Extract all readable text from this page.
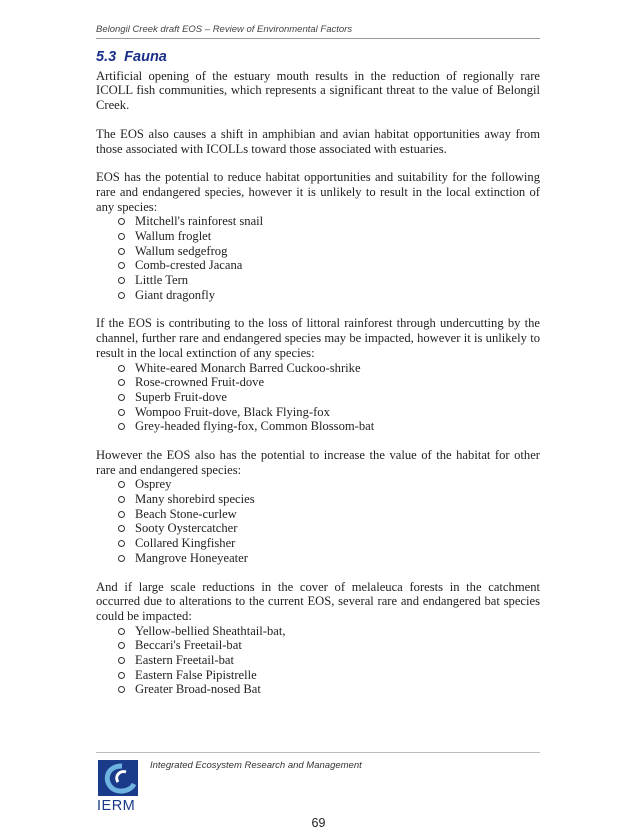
Belongil Creek draft EOS – Review of Environmental Factors
5.3 Fauna

Artificial opening of the estuary mouth results in the reduction of regionally rare ICOLL fish communities, which represents a significant threat to the value of Belongil Creek.

The EOS also causes a shift in amphibian and avian habitat opportunities away from those associated with ICOLLs toward those associated with estuaries.

EOS has the potential to reduce habitat opportunities and suitability for the following rare and endangered species, however it is unlikely to result in the local extinction of any species:

Mitchell's rainforest snail
Wallum froglet
Wallum sedgefrog
Comb-crested Jacana
Little Tern
Giant dragonfly

If the EOS is contributing to the loss of littoral rainforest through undercutting by the channel, further rare and endangered species may be impacted, however it is unlikely to result in the local extinction of any species:

White-eared Monarch Barred Cuckoo-shrike
Rose-crowned Fruit-dove
Superb Fruit-dove
Wompoo Fruit-dove, Black Flying-fox
Grey-headed flying-fox, Common Blossom-bat

However the EOS also has the potential to increase the value of the habitat for other rare and endangered species:

Osprey
Many shorebird species
Beach Stone-curlew
Sooty Oystercatcher
Collared Kingfisher
Mangrove Honeyeater

And if large scale reductions in the cover of melaleuca forests in the catchment occurred due to alterations to the current EOS, several rare and endangered bat species could be impacted:

Yellow-bellied Sheathtail-bat,
Beccari's Freetail-bat
Eastern Freetail-bat
Eastern False Pipistrelle
Greater Broad-nosed Bat
IERM
Integrated Ecosystem Research and Management
69
